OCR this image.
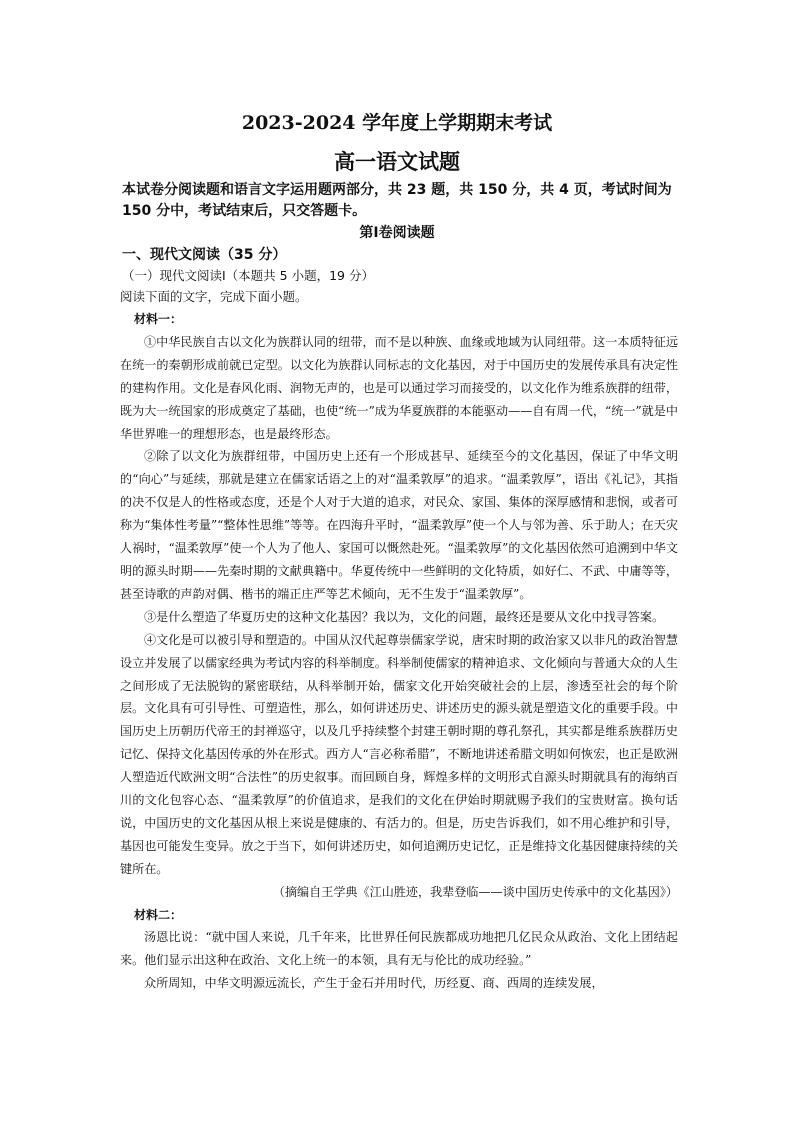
2023-2024 学年度上学期期末考试
高一语文试题
本试卷分阅读题和语言文字运用题两部分，共 23 题，共 150 分，共 4 页，考试时间为 150 分中，考试结束后，只交答题卡。
第Ⅰ卷阅读题
一、现代文阅读（35 分）
（一）现代文阅读Ⅰ（本题共 5 小题，19 分）
阅读下面的文字，完成下面小题。

材料一：

①中华民族自古以文化为族群认同的纽带，而不是以种族、血缘或地域为认同纽带。这一本质特征远在统一的秦朝形成前就已定型。以文化为族群认同标志的文化基因，对于中国历史的发展传承具有决定性的建构作用。文化是春风化雨、润物无声的，也是可以通过学习而接受的，以文化作为维系族群的纽带，既为大一统国家的形成奠定了基础，也使“统一”成为华夏族群的本能驱动——自有周一代，“统一”就是中华世界唯一的理想形态，也是最终形态。

②除了以文化为族群纽带，中国历史上还有一个形成甚早、延续至今的文化基因，保证了中华文明的“向心”与延续，那就是建立在儒家话语之上的对“温柔敦厚”的追求。“温柔敦厚”，语出《礼记》，其指的决不仅是人的性格或态度，还是个人对于大道的追求，对民众、家国、集体的深厚感情和悲悯，或者可称为“集体性考量”“整体性思维”等等。在四海升平时，“温柔敦厚”使一个人与邻为善、乐于助人；在天灾人祸时，“温柔敦厚”使一个人为了他人、家国可以慨然赴死。“温柔敦厚”的文化基因依然可追溯到中华文明的源头时期——先秦时期的文献典籍中。华夏传统中一些鲜明的文化特质，如好仁、不武、中庸等等，甚至诗歌的声韵对偶、楷书的端正庄严等艺术倾向，无不生发于“温柔敦厚”。

③是什么塑造了华夏历史的这种文化基因？我以为，文化的问题，最终还是要从文化中找寻答案。

④文化是可以被引导和塑造的。中国从汉代起尊崇儒家学说，唐宋时期的政治家又以非凡的政治智慧设立并发展了以儒家经典为考试内容的科举制度。科举制使儒家的精神追求、文化倾向与普通大众的人生之间形成了无法脱钩的紧密联结，从科举制开始，儒家文化开始突破社会的上层，渗透至社会的每个阶层。文化具有可引导性、可塑造性，那么，如何讲述历史、讲述历史的源头就是塑造文化的重要手段。中国历史上历朝历代帝王的封禅巡守，以及几乎持续整个封建王朝时期的尊孔祭孔，其实都是维系族群历史记忆、保持文化基因传承的外在形式。西方人“言必称希腊”，不断地讲述希腊文明如何恢宏，也正是欧洲人塑造近代欧洲文明“合法性”的历史叙事。而回顾自身，辉煌多样的文明形式自源头时期就具有的海纳百川的文化包容心态、“温柔敦厚”的价值追求，是我们的文化在伊始时期就赐予我们的宝贵财富。换句话说，中国历史的文化基因从根上来说是健康的、有活力的。但是，历史告诉我们，如不用心维护和引导，基因也可能发生变异。放之于当下，如何讲述历史，如何追溯历史记忆，正是维持文化基因健康持续的关键所在。

（摘编自王学典《江山胜迹，我辈登临——谈中国历史传承中的文化基因》）

材料二：

汤恩比说：“就中国人来说，几千年来，比世界任何民族都成功地把几亿民众从政治、文化上团结起来。他们显示出这种在政治、文化上统一的本领，具有无与伦比的成功经验。”

众所周知，中华文明源远流长，产生于金石并用时代，历经夏、商、西周的连续发展，
